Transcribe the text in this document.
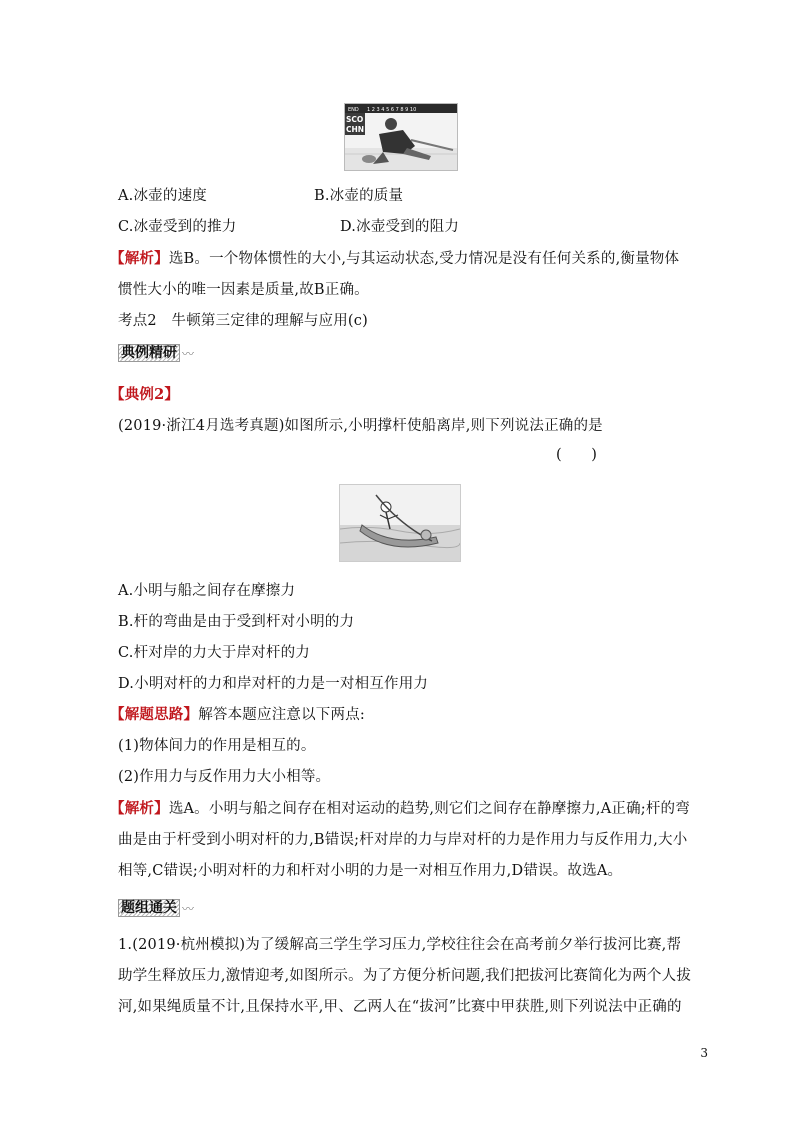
END 1 2 3 4 5 6 7 8 9 10
SCO
CHN
A.冰壶的速度	B.冰壶的质量
C.冰壶受到的推力	D.冰壶受到的阻力
【解析】选B。一个物体惯性的大小,与其运动状态,受力情况是没有任何关系的,衡量物体
惯性大小的唯一因素是质量,故B正确。
考点2　牛顿第三定律的理解与应用(c)
典例精研 〰
【典例2】
(2019·浙江4月选考真题)如图所示,小明撑杆使船离岸,则下列说法正确的是
(　　)
A.小明与船之间存在摩擦力
B.杆的弯曲是由于受到杆对小明的力
C.杆对岸的力大于岸对杆的力
D.小明对杆的力和岸对杆的力是一对相互作用力
【解题思路】解答本题应注意以下两点:
(1)物体间力的作用是相互的。
(2)作用力与反作用力大小相等。
【解析】选A。小明与船之间存在相对运动的趋势,则它们之间存在静摩擦力,A正确;杆的弯
曲是由于杆受到小明对杆的力,B错误;杆对岸的力与岸对杆的力是作用力与反作用力,大小
相等,C错误;小明对杆的力和杆对小明的力是一对相互作用力,D错误。故选A。
题组通关 〰
1.(2019·杭州模拟)为了缓解高三学生学习压力,学校往往会在高考前夕举行拔河比赛,帮
助学生释放压力,激情迎考,如图所示。为了方便分析问题,我们把拔河比赛简化为两个人拔
河,如果绳质量不计,且保持水平,甲、乙两人在“拔河”比赛中甲获胜,则下列说法中正确的
3
